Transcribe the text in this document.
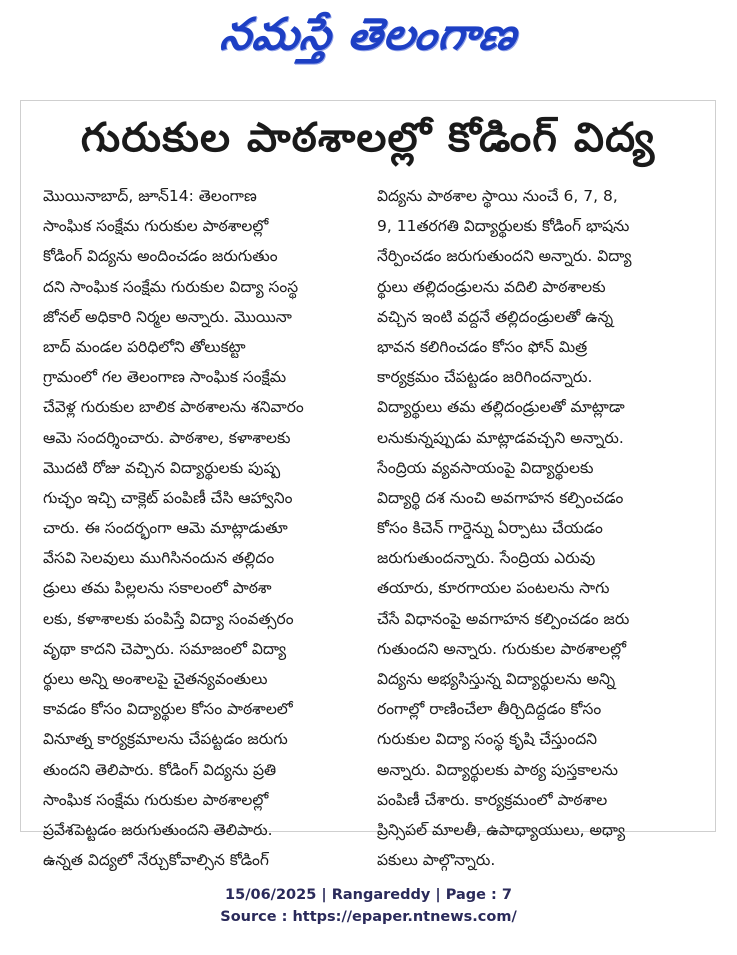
నమస్తే తెలంగాణ
గురుకుల పాఠశాలల్లో కోడింగ్ విద్య
మొయినాబాద్, జూన్14: తెలంగాణ
సాంఘిక సంక్షేమ గురుకుల పాఠశాలల్లో
కోడింగ్ విద్యను అందించడం జరుగుతుం
దని సాంఘిక సంక్షేమ గురుకుల విద్యా సంస్థ
జోనల్ అధికారి నిర్మల అన్నారు. మొయినా
బాద్ మండల పరిధిలోని తోలుకట్టా
గ్రామంలో గల తెలంగాణ సాంఘిక సంక్షేమ
చేవెళ్ల గురుకుల బాలిక పాఠశాలను శనివారం
ఆమె సందర్శించారు. పాఠశాల, కళాశాలకు
మొదటి రోజు వచ్చిన విద్యార్థులకు పుష్ప
గుచ్ఛం ఇచ్చి చాక్లెట్ పంపిణీ చేసి ఆహ్వానిం
చారు. ఈ సందర్భంగా ఆమె మాట్లాడుతూ
వేసవి సెలవులు ముగిసినందున తల్లిదం
డ్రులు తమ పిల్లలను సకాలంలో పాఠశా
లకు, కళాశాలకు పంపిస్తే విద్యా సంవత్సరం
వృథా కాదని చెప్పారు. సమాజంలో విద్యా
ర్థులు అన్ని అంశాలపై చైతన్యవంతులు
కావడం కోసం విద్యార్థుల కోసం పాఠశాలలో
వినూత్న కార్యక్రమాలను చేపట్టడం జరుగు
తుందని తెలిపారు. కోడింగ్ విద్యను ప్రతి
సాంఘిక సంక్షేమ గురుకుల పాఠశాలల్లో
ప్రవేశపెట్టడం జరుగుతుందని తెలిపారు.
ఉన్నత విద్యలో నేర్చుకోవాల్సిన కోడింగ్
విద్యను పాఠశాల స్థాయి నుంచే 6, 7, 8,
9, 11తరగతి విద్యార్థులకు కోడింగ్ భాషను
నేర్పించడం జరుగుతుందని అన్నారు. విద్యా
ర్థులు తల్లిదండ్రులను వదిలి పాఠశాలకు
వచ్చిన ఇంటి వద్దనే తల్లిదండ్రులతో ఉన్న
భావన కలిగించడం కోసం ఫోన్ మిత్ర
కార్యక్రమం చేపట్టడం జరిగిందన్నారు.
విద్యార్థులు తమ తల్లిదండ్రులతో మాట్లాడా
లనుకున్నప్పుడు మాట్లాడవచ్చని అన్నారు.
సేంద్రియ వ్యవసాయంపై విద్యార్థులకు
విద్యార్థి దశ నుంచి అవగాహన కల్పించడం
కోసం కిచెన్ గార్డెన్ను ఏర్పాటు చేయడం
జరుగుతుందన్నారు. సేంద్రియ ఎరువు
తయారు, కూరగాయల పంటలను సాగు
చేసే విధానంపై అవగాహన కల్పించడం జరు
గుతుందని అన్నారు. గురుకుల పాఠశాలల్లో
విద్యను అభ్యసిస్తున్న విద్యార్థులను అన్ని
రంగాల్లో రాణించేలా తీర్చిదిద్దడం కోసం
గురుకుల విద్యా సంస్థ కృషి చేస్తుందని
అన్నారు. విద్యార్థులకు పాఠ్య పుస్తకాలను
పంపిణీ చేశారు. కార్యక్రమంలో పాఠశాల
ప్రిన్సిపల్ మాలతీ, ఉపాధ్యాయులు, అధ్యా
పకులు పాల్గొన్నారు.
15/06/2025 | Rangareddy | Page : 7
Source : https://epaper.ntnews.com/
